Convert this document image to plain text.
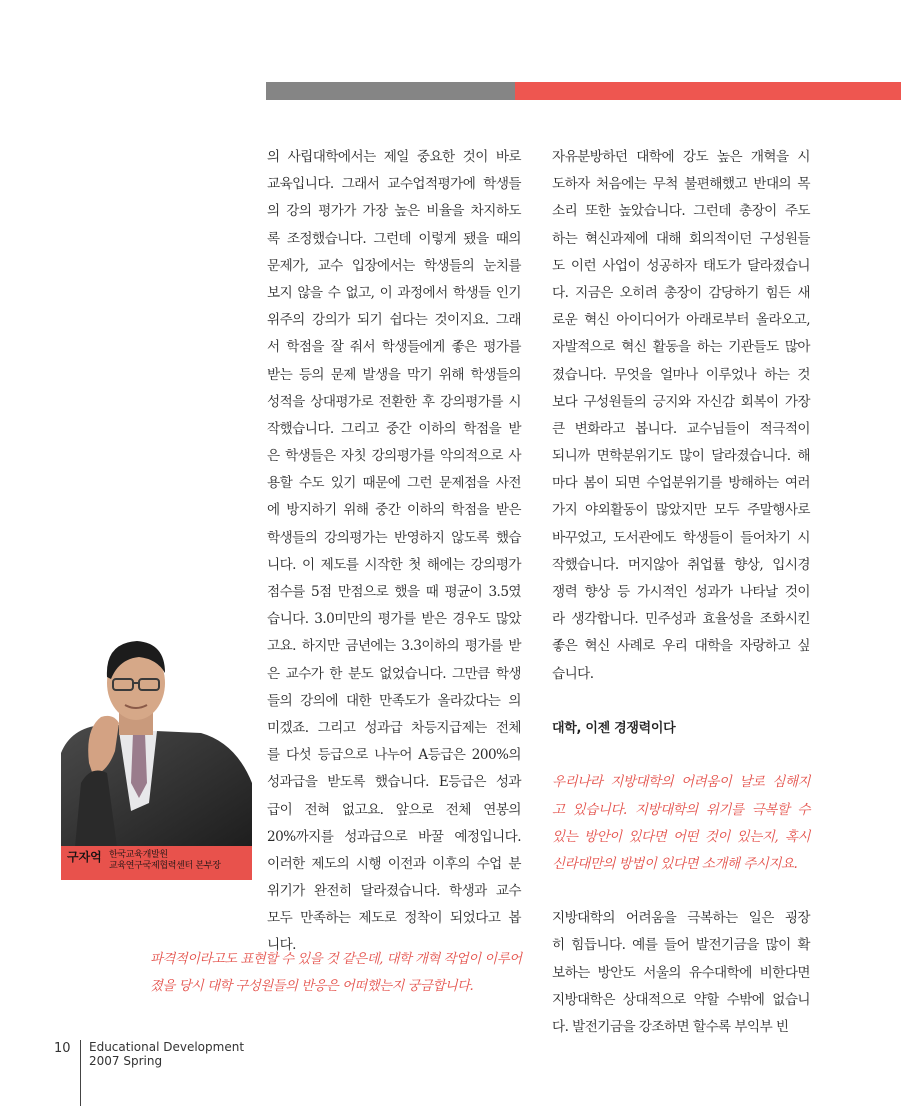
의 사립대학에서는 제일 중요한 것이 바로
교육입니다. 그래서 교수업적평가에 학생들
의 강의 평가가 가장 높은 비율을 차지하도
록 조정했습니다. 그런데 이렇게 됐을 때의
문제가, 교수 입장에서는 학생들의 눈치를
보지 않을 수 없고, 이 과정에서 학생들 인기
위주의 강의가 되기 쉽다는 것이지요. 그래
서 학점을 잘 줘서 학생들에게 좋은 평가를
받는 등의 문제 발생을 막기 위해 학생들의
성적을 상대평가로 전환한 후 강의평가를 시
작했습니다. 그리고 중간 이하의 학점을 받
은 학생들은 자칫 강의평가를 악의적으로 사
용할 수도 있기 때문에 그런 문제점을 사전
에 방지하기 위해 중간 이하의 학점을 받은
학생들의 강의평가는 반영하지 않도록 했습
니다. 이 제도를 시작한 첫 해에는 강의평가
점수를 5점 만점으로 했을 때 평균이 3.5였
습니다. 3.0미만의 평가를 받은 경우도 많았
고요. 하지만 금년에는 3.3이하의 평가를 받
은 교수가 한 분도 없었습니다. 그만큼 학생
들의 강의에 대한 만족도가 올라갔다는 의
미겠죠. 그리고 성과급 차등지급제는 전체
를 다섯 등급으로 나누어 A등급은 200%의
성과급을 받도록 했습니다. E등급은 성과
급이 전혀 없고요. 앞으로 전체 연봉의
20%까지를 성과급으로 바꿀 예정입니다.
이러한 제도의 시행 이전과 이후의 수업 분
위기가 완전히 달라졌습니다. 학생과 교수
모두 만족하는 제도로 정착이 되었다고 봅
니다.
파격적이라고도 표현할 수 있을 것 같은데, 대학 개혁 작업이 이루어
졌을 당시 대학 구성원들의 반응은 어떠했는지 궁금합니다.
자유분방하던 대학에 강도 높은 개혁을 시
도하자 처음에는 무척 불편해했고 반대의 목
소리 또한 높았습니다. 그런데 총장이 주도
하는 혁신과제에 대해 회의적이던 구성원들
도 이런 사업이 성공하자 태도가 달라졌습니
다. 지금은 오히려 총장이 감당하기 힘든 새
로운 혁신 아이디어가 아래로부터 올라오고,
자발적으로 혁신 활동을 하는 기관들도 많아
졌습니다. 무엇을 얼마나 이루었나 하는 것
보다 구성원들의 긍지와 자신감 회복이 가장
큰 변화라고 봅니다. 교수님들이 적극적이
되니까 면학분위기도 많이 달라졌습니다. 해
마다 봄이 되면 수업분위기를 방해하는 여러
가지 야외활동이 많았지만 모두 주말행사로
바꾸었고, 도서관에도 학생들이 들어차기 시
작했습니다. 머지않아 취업률 향상, 입시경
쟁력 향상 등 가시적인 성과가 나타날 것이
라 생각합니다. 민주성과 효율성을 조화시킨
좋은 혁신 사례로 우리 대학을 자랑하고 싶
습니다.
대학, 이젠 경쟁력이다
우리나라 지방대학의 어려움이 날로 심해지
고 있습니다. 지방대학의 위기를 극복할 수
있는 방안이 있다면 어떤 것이 있는지, 혹시
신라대만의 방법이 있다면 소개해 주시지요.
지방대학의 어려움을 극복하는 일은 굉장
히 힘듭니다. 예를 들어 발전기금을 많이 확
보하는 방안도 서울의 유수대학에 비한다면
지방대학은 상대적으로 약할 수밖에 없습니
다. 발전기금을 강조하면 할수록 부익부 빈
구자억 한국교육개발원
교육연구국제협력센터 본부장
10 Educational Development
2007 Spring
